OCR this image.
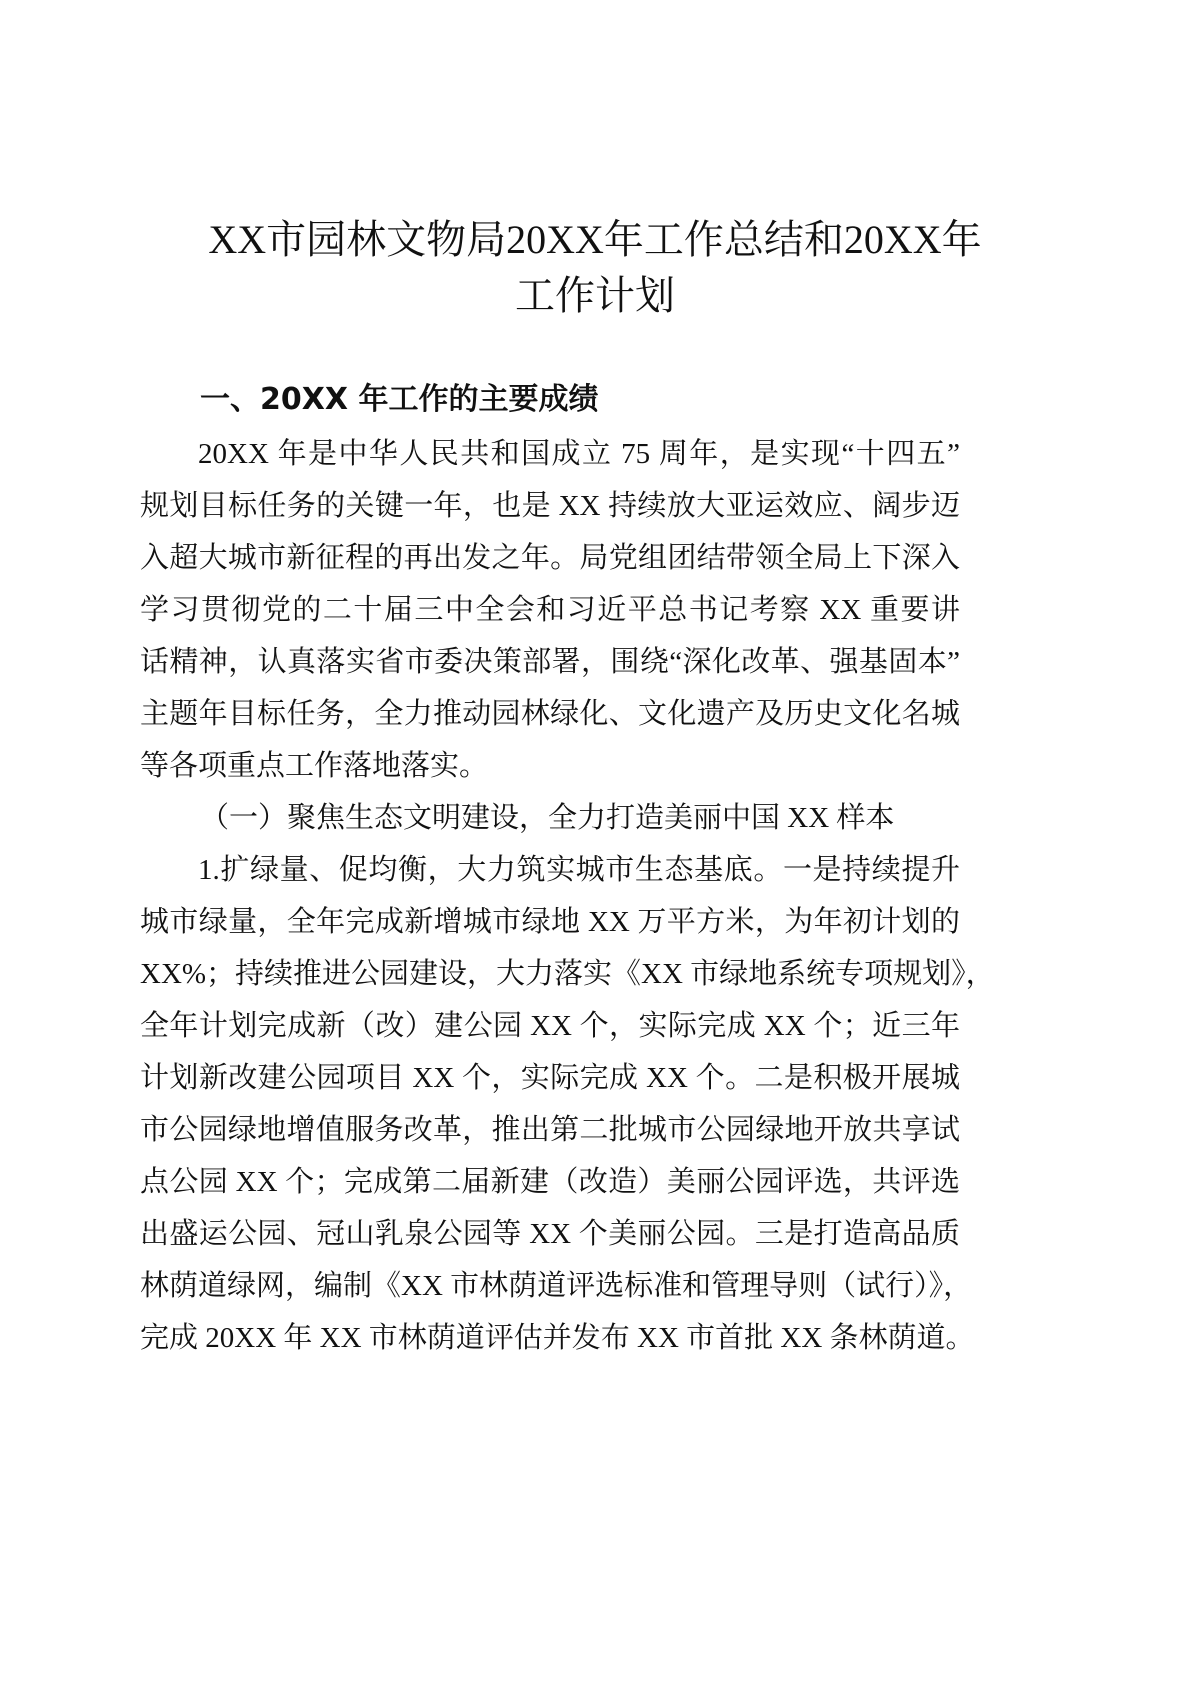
XX市园林文物局20XX年工作总结和20XX年
工作计划
一、20XX 年工作的主要成绩
20XX 年是中华人民共和国成立 75 周年，是实现“十四五”
规划目标任务的关键一年，也是 XX 持续放大亚运效应、阔步迈
入超大城市新征程的再出发之年。局党组团结带领全局上下深入
学习贯彻党的二十届三中全会和习近平总书记考察 XX 重要讲
话精神，认真落实省市委决策部署，围绕“深化改革、强基固本”
主题年目标任务，全力推动园林绿化、文化遗产及历史文化名城
等各项重点工作落地落实。
（一）聚焦生态文明建设，全力打造美丽中国 XX 样本
1.扩绿量、促均衡，大力筑实城市生态基底。一是持续提升
城市绿量，全年完成新增城市绿地 XX 万平方米，为年初计划的
XX%；持续推进公园建设，大力落实《XX 市绿地系统专项规划》，
全年计划完成新（改）建公园 XX 个，实际完成 XX 个；近三年
计划新改建公园项目 XX 个，实际完成 XX 个。二是积极开展城
市公园绿地增值服务改革，推出第二批城市公园绿地开放共享试
点公园 XX 个；完成第二届新建（改造）美丽公园评选，共评选
出盛运公园、冠山乳泉公园等 XX 个美丽公园。三是打造高品质
林荫道绿网，编制《XX 市林荫道评选标准和管理导则（试行）》，
完成 20XX 年 XX 市林荫道评估并发布 XX 市首批 XX 条林荫道。
